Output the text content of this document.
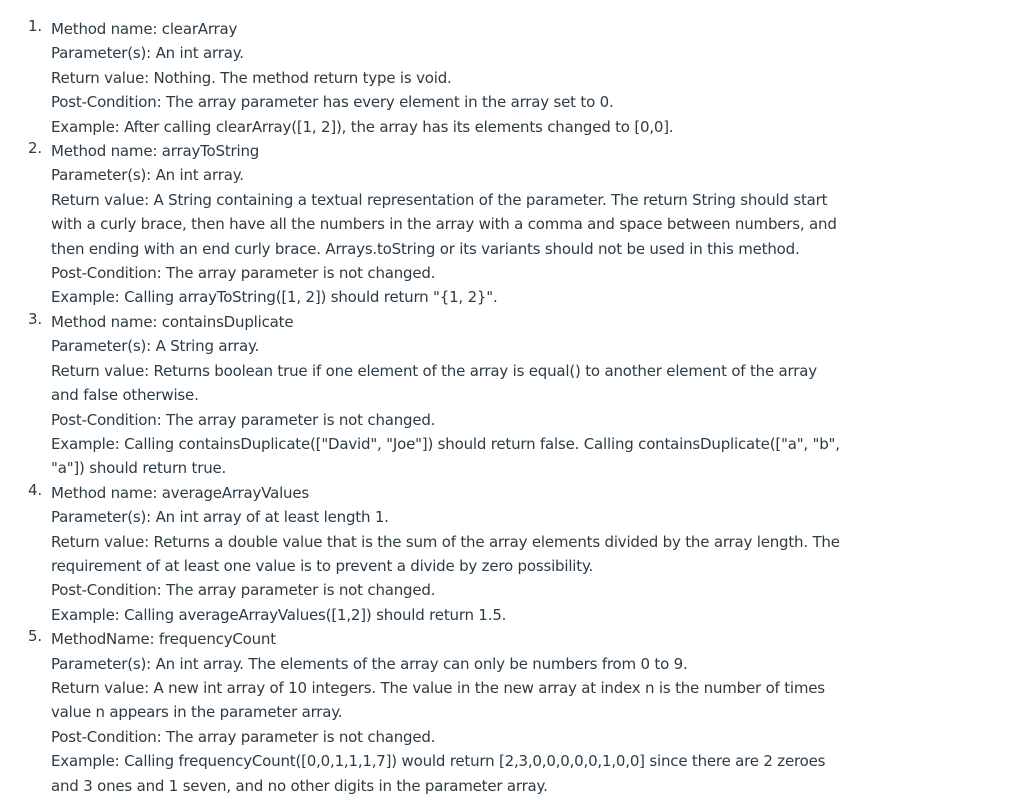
1. Method name: clearArray
Parameter(s): An int array.
Return value: Nothing. The method return type is void.
Post-Condition: The array parameter has every element in the array set to 0.
Example: After calling clearArray([1, 2]), the array has its elements changed to [0,0].
2. Method name: arrayToString
Parameter(s): An int array.
Return value: A String containing a textual representation of the parameter. The return String should start with a curly brace, then have all the numbers in the array with a comma and space between numbers, and then ending with an end curly brace. Arrays.toString or its variants should not be used in this method.
Post-Condition: The array parameter is not changed.
Example: Calling arrayToString([1, 2]) should return "{1, 2}".
3. Method name: containsDuplicate
Parameter(s): A String array.
Return value: Returns boolean true if one element of the array is equal() to another element of the array and false otherwise.
Post-Condition: The array parameter is not changed.
Example: Calling containsDuplicate(["David", "Joe"]) should return false. Calling containsDuplicate(["a", "b", "a"]) should return true.
4. Method name: averageArrayValues
Parameter(s): An int array of at least length 1.
Return value: Returns a double value that is the sum of the array elements divided by the array length. The requirement of at least one value is to prevent a divide by zero possibility.
Post-Condition: The array parameter is not changed.
Example: Calling averageArrayValues([1,2]) should return 1.5.
5. MethodName: frequencyCount
Parameter(s): An int array. The elements of the array can only be numbers from 0 to 9.
Return value: A new int array of 10 integers. The value in the new array at index n is the number of times value n appears in the parameter array.
Post-Condition: The array parameter is not changed.
Example: Calling frequencyCount([0,0,1,1,1,7]) would return [2,3,0,0,0,0,0,1,0,0] since there are 2 zeroes and 3 ones and 1 seven, and no other digits in the parameter array.
